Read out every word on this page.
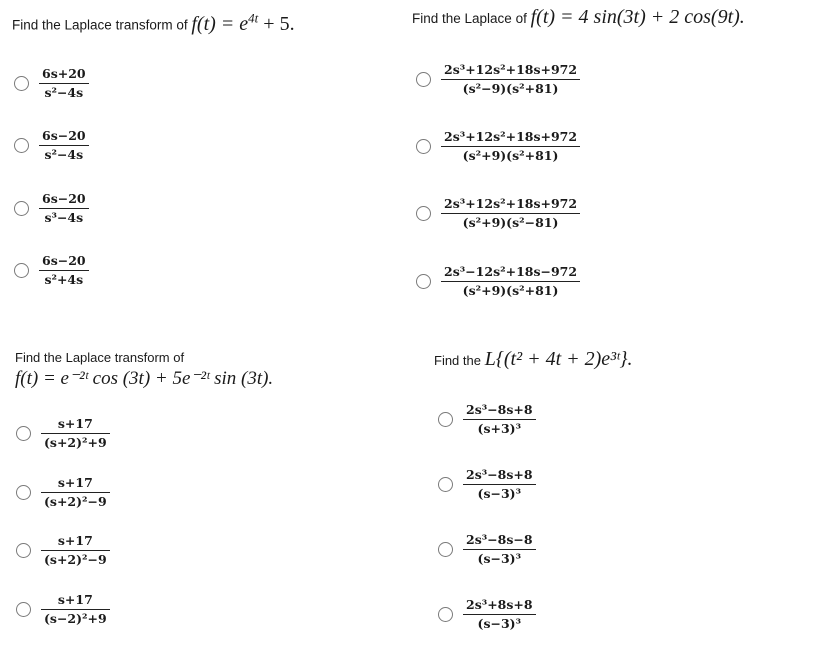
Find the Laplace transform of $f(t) = e^{4t} + 5$.
$\frac{6s+20}{\text{s²−4s}}$
$\frac{6s-20}{\text{s²−4s}}$
$\frac{6s-20}{\text{s³−4s}}$
$\frac{6s-20}{\text{s²+4s}}$
Find the Laplace of f(t) = 4 sin(3t) + 2 cos(9t).
$\frac{\text{2s³+12s²+18s+972}}{\text{(s²−9)(s²+81)}}$
$\frac{\text{2s³+12s²+18s+972}}{\text{(s²+9)(s²+81)}}$
$\frac{\text{2s³+12s²+18s+972}}{\text{(s²+9)(s²−81)}}$
$\frac{\text{2s³−12s²+18s−972}}{\text{(s²+9)(s²+81)}}$
Find the Laplace transform of
f(t) = e⁻²ᵗ cos (3t) + 5e⁻²ᵗ sin (3t).
$\frac{s+17}{\text{(s+2)²+9}}$
$\frac{s+17}{\text{(s+2)²−9}}$
$\frac{s+17}{\text{(s+2)²−9}}$
$\frac{s+17}{\text{(s−2)²+9}}$
Find the L{(t² + 4t + 2)e³ᵗ}.
$\frac{\text{2s³−8s+8}}{\text{(s+3)³}}$
$\frac{\text{2s³−8s+8}}{\text{(s−3)³}}$
$\frac{\text{2s³−8s−8}}{\text{(s−3)³}}$
$\frac{\text{2s³+8s+8}}{\text{(s−3)³}}$
